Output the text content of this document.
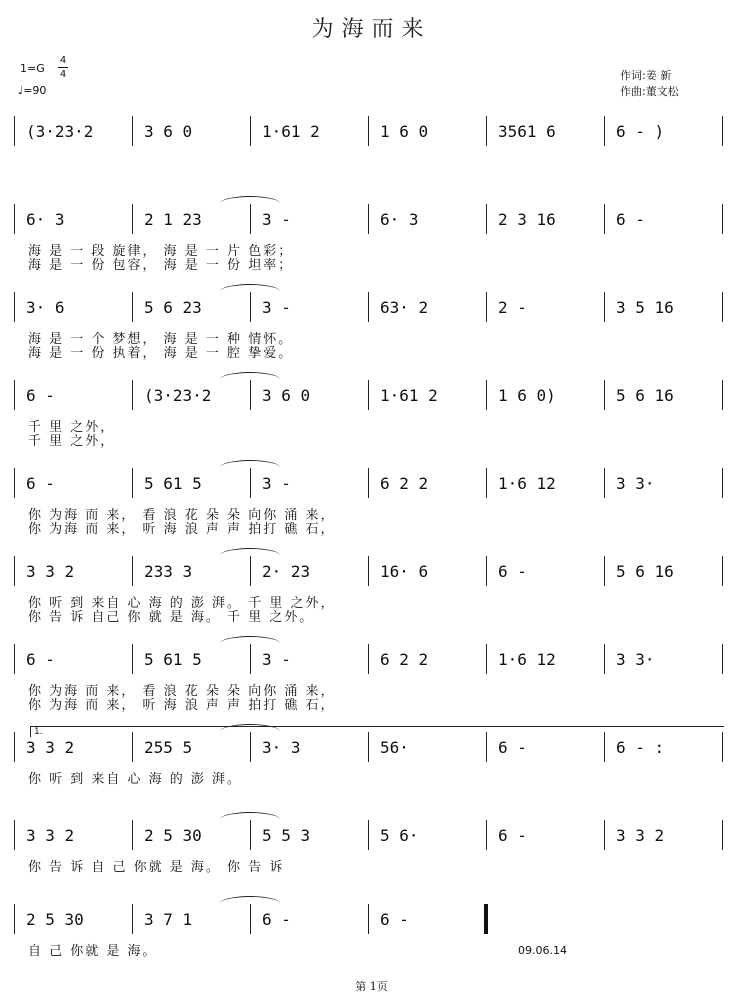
为海而来
1=G
4
4
♩=90
作词:姜 新
作曲:董文松
(3·23·2	3 6 0	1·61 2	1 6 0	3561 6	6 - )
6· 3	2 1 23	3 -	6· 3	2 3 16	6 -
海 是 一 段 旋律， 海 是 一 片 色彩；
海 是 一 份 包容， 海 是 一 份 坦率；
3· 6	5 6 23	3 -	63· 2	2 -	3 5 16
海 是 一 个 梦想， 海 是 一 种 情怀。
海 是 一 份 执着， 海 是 一 腔 挚爱。
6 -	(3·23·2	3 6 0	1·61 2	1 6 0)	5 6 16
千 里 之外，
千 里 之外，
6 -	5 61 5	3 -	6 2 2	1·6 12	3 3·
你 为海 而 来， 看 浪 花 朵 朵 向你 涌 来，
你 为海 而 来， 听 海 浪 声 声 拍打 礁 石，
3 3 2	233 3	2· 23	16· 6	6 -	5 6 16
你 听 到 来自 心 海 的 澎 湃。 千 里 之外，
你 告 诉 自己 你 就 是 海。 千 里 之外。
6 -	5 61 5	3 -	6 2 2	1·6 12	3 3·
你 为海 而 来， 看 浪 花 朵 朵 向你 涌 来，
你 为海 而 来， 听 海 浪 声 声 拍打 礁 石，
3 3 2	255 5	3· 3	56·	6 -	6 - :
你 听 到 来自 心 海 的 澎 湃。
1.
3 3 2	2 5 30	5 5 3	5 6·	6 -	3 3 2
你 告 诉 自 己 你就 是 海。 你 告 诉
2 5 30	3 7 1	6 -	6 -
自 己 你就 是 海。	09.06.14
第 1页
